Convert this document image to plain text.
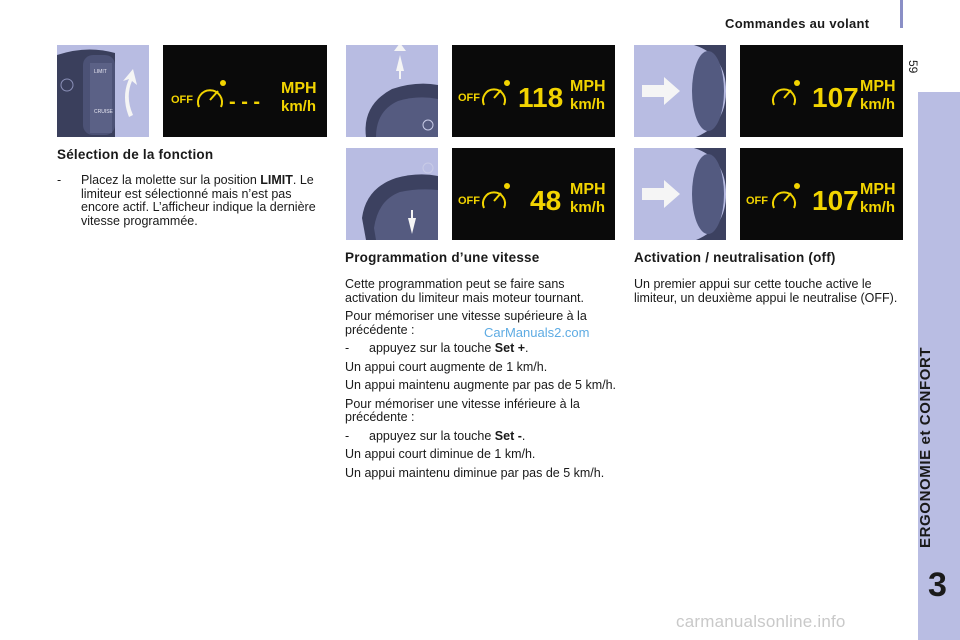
Commandes au volant
59
ERGONOMIE et CONFORT
3
LIMIT
CRUISE
OFF - - -
MPH
km/h	OFF 118 MPH
km/h	107 MPH
km/h
OFF 48 MPH
km/h	OFF 107 MPH
km/h
Sélection de la fonction
-	Placez la molette sur la position LIMIT. Le limiteur est sélectionné mais n’est pas encore actif. L’afficheur indique la dernière vitesse programmée.
Programmation d’une vitesse

Cette programmation peut se faire sans activation du limiteur mais moteur tournant.

Pour mémoriser une vitesse supérieure à la précédente :

-	appuyez sur la touche Set +.

Un appui court augmente de 1 km/h.

Un appui maintenu augmente par pas de 5 km/h.

Pour mémoriser une vitesse inférieure à la précédente :

-	appuyez sur la touche Set -.

Un appui court diminue de 1 km/h.

Un appui maintenu diminue par pas de 5 km/h.

Activation / neutralisation (off)

Un premier appui sur cette touche active le limiteur, un deuxième appui le neutralise (OFF).

CarManuals2.com
carmanualsonline.info
